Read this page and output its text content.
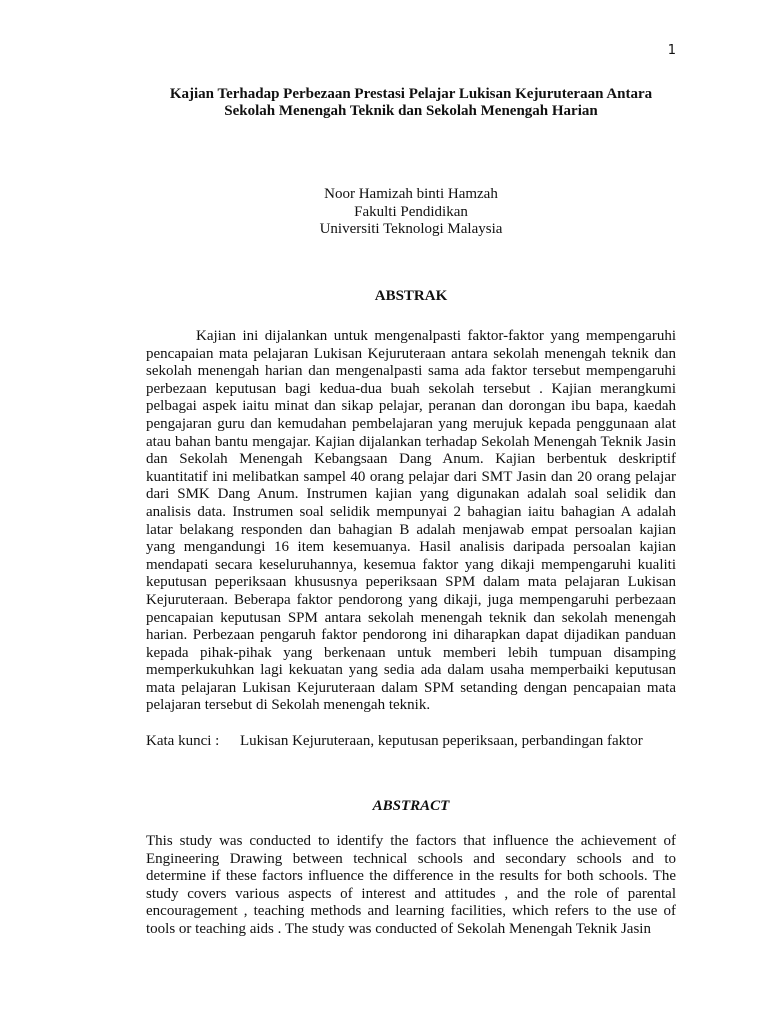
1
Kajian Terhadap Perbezaan Prestasi Pelajar Lukisan Kejuruteraan Antara
Sekolah Menengah Teknik dan Sekolah Menengah Harian
Noor Hamizah binti Hamzah
Fakulti Pendidikan
Universiti Teknologi Malaysia
ABSTRAK

Kajian ini dijalankan untuk mengenalpasti faktor-faktor yang mempengaruhi pencapaian mata pelajaran Lukisan Kejuruteraan antara sekolah menengah teknik dan sekolah menengah harian dan mengenalpasti sama ada faktor tersebut mempengaruhi perbezaan keputusan bagi kedua-dua buah sekolah tersebut . Kajian merangkumi pelbagai aspek iaitu minat dan sikap pelajar, peranan dan dorongan ibu bapa, kaedah pengajaran guru dan kemudahan pembelajaran yang merujuk kepada penggunaan alat atau bahan bantu mengajar. Kajian dijalankan terhadap Sekolah Menengah Teknik Jasin dan Sekolah Menengah Kebangsaan Dang Anum. Kajian berbentuk deskriptif kuantitatif ini melibatkan sampel 40 orang pelajar dari SMT Jasin dan 20 orang pelajar dari SMK Dang Anum. Instrumen kajian yang digunakan adalah soal selidik dan analisis data. Instrumen soal selidik mempunyai 2 bahagian iaitu bahagian A adalah latar belakang responden dan bahagian B adalah menjawab empat persoalan kajian yang mengandungi 16 item kesemuanya. Hasil analisis daripada persoalan kajian mendapati secara keseluruhannya, kesemua faktor yang dikaji mempengaruhi kualiti keputusan peperiksaan khususnya peperiksaan SPM dalam mata pelajaran Lukisan Kejuruteraan. Beberapa faktor pendorong yang dikaji, juga mempengaruhi perbezaan pencapaian keputusan SPM antara sekolah menengah teknik dan sekolah menengah harian. Perbezaan pengaruh faktor pendorong ini diharapkan dapat dijadikan panduan kepada pihak-pihak yang berkenaan untuk memberi lebih tumpuan disamping memperkukuhkan lagi kekuatan yang sedia ada dalam usaha memperbaiki keputusan mata pelajaran Lukisan Kejuruteraan dalam SPM setanding dengan pencapaian mata pelajaran tersebut di Sekolah menengah teknik.

Kata kunci : Lukisan Kejuruteraan, keputusan peperiksaan, perbandingan faktor
ABSTRACT

This study was conducted to identify the factors that influence the achievement of Engineering Drawing between technical schools and secondary schools and to determine if these factors influence the difference in the results for both schools. The study covers various aspects of interest and attitudes , and the role of parental encouragement , teaching methods and learning facilities, which refers to the use of tools or teaching aids . The study was conducted of Sekolah Menengah Teknik Jasin
